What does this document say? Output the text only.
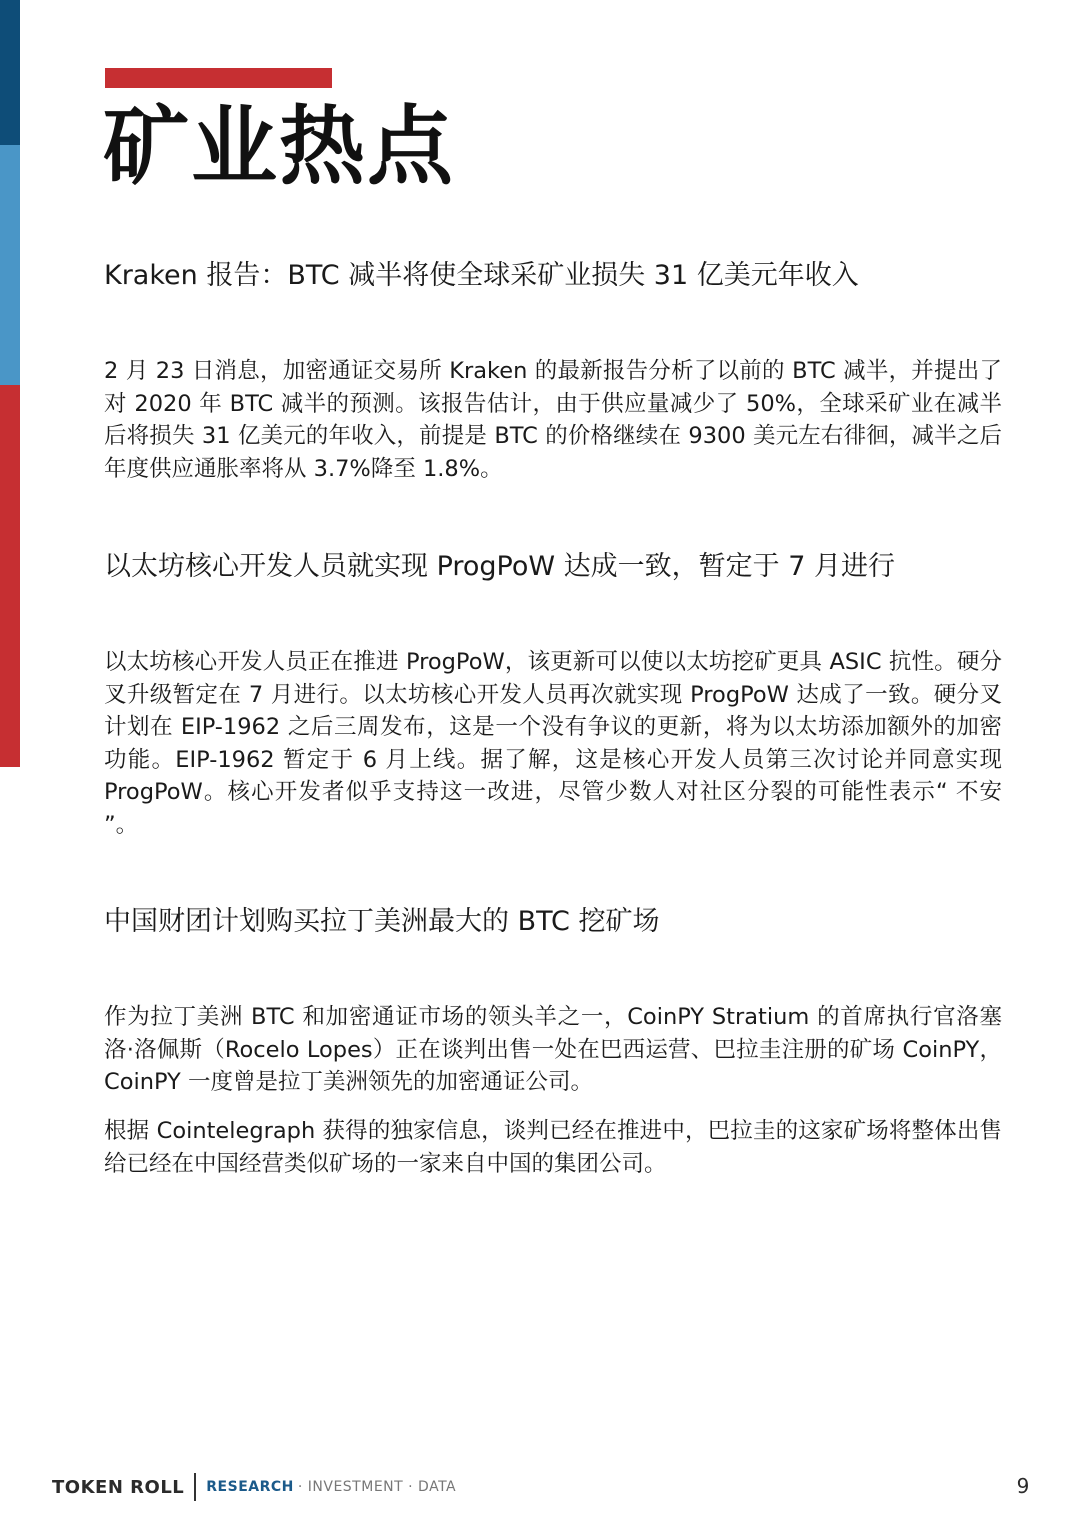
矿业热点
Kraken 报告：BTC 减半将使全球采矿业损失 31 亿美元年收入

2 月 23 日消息，加密通证交易所 Kraken 的最新报告分析了以前的 BTC 减半，并提出了对 2020 年 BTC 减半的预测。该报告估计，由于供应量减少了 50%，全球采矿业在减半后将损失 31 亿美元的年收入，前提是 BTC 的价格继续在 9300 美元左右徘徊，减半之后年度供应通胀率将从 3.7%降至 1.8%。

以太坊核心开发人员就实现 ProgPoW 达成一致，暂定于 7 月进行

以太坊核心开发人员正在推进 ProgPoW，该更新可以使以太坊挖矿更具 ASIC 抗性。硬分叉升级暂定在 7 月进行。以太坊核心开发人员再次就实现 ProgPoW 达成了一致。硬分叉计划在 EIP-1962 之后三周发布，这是一个没有争议的更新，将为以太坊添加额外的加密功能。EIP-1962 暂定于 6 月上线。据了解，这是核心开发人员第三次讨论并同意实现 ProgPoW。核心开发者似乎支持这一改进，尽管少数人对社区分裂的可能性表示“ 不安 ”。

中国财团计划购买拉丁美洲最大的 BTC 挖矿场

作为拉丁美洲 BTC 和加密通证市场的领头羊之一，CoinPY Stratium 的首席执行官洛塞洛·洛佩斯（Rocelo Lopes）正在谈判出售一处在巴西运营、巴拉圭注册的矿场 CoinPY，CoinPY 一度曾是拉丁美洲领先的加密通证公司。

根据 Cointelegraph 获得的独家信息，谈判已经在推进中，巴拉圭的这家矿场将整体出售给已经在中国经营类似矿场的一家来自中国的集团公司。

TOKEN ROLL RESEARCH · INVESTMENT · DATA	9
